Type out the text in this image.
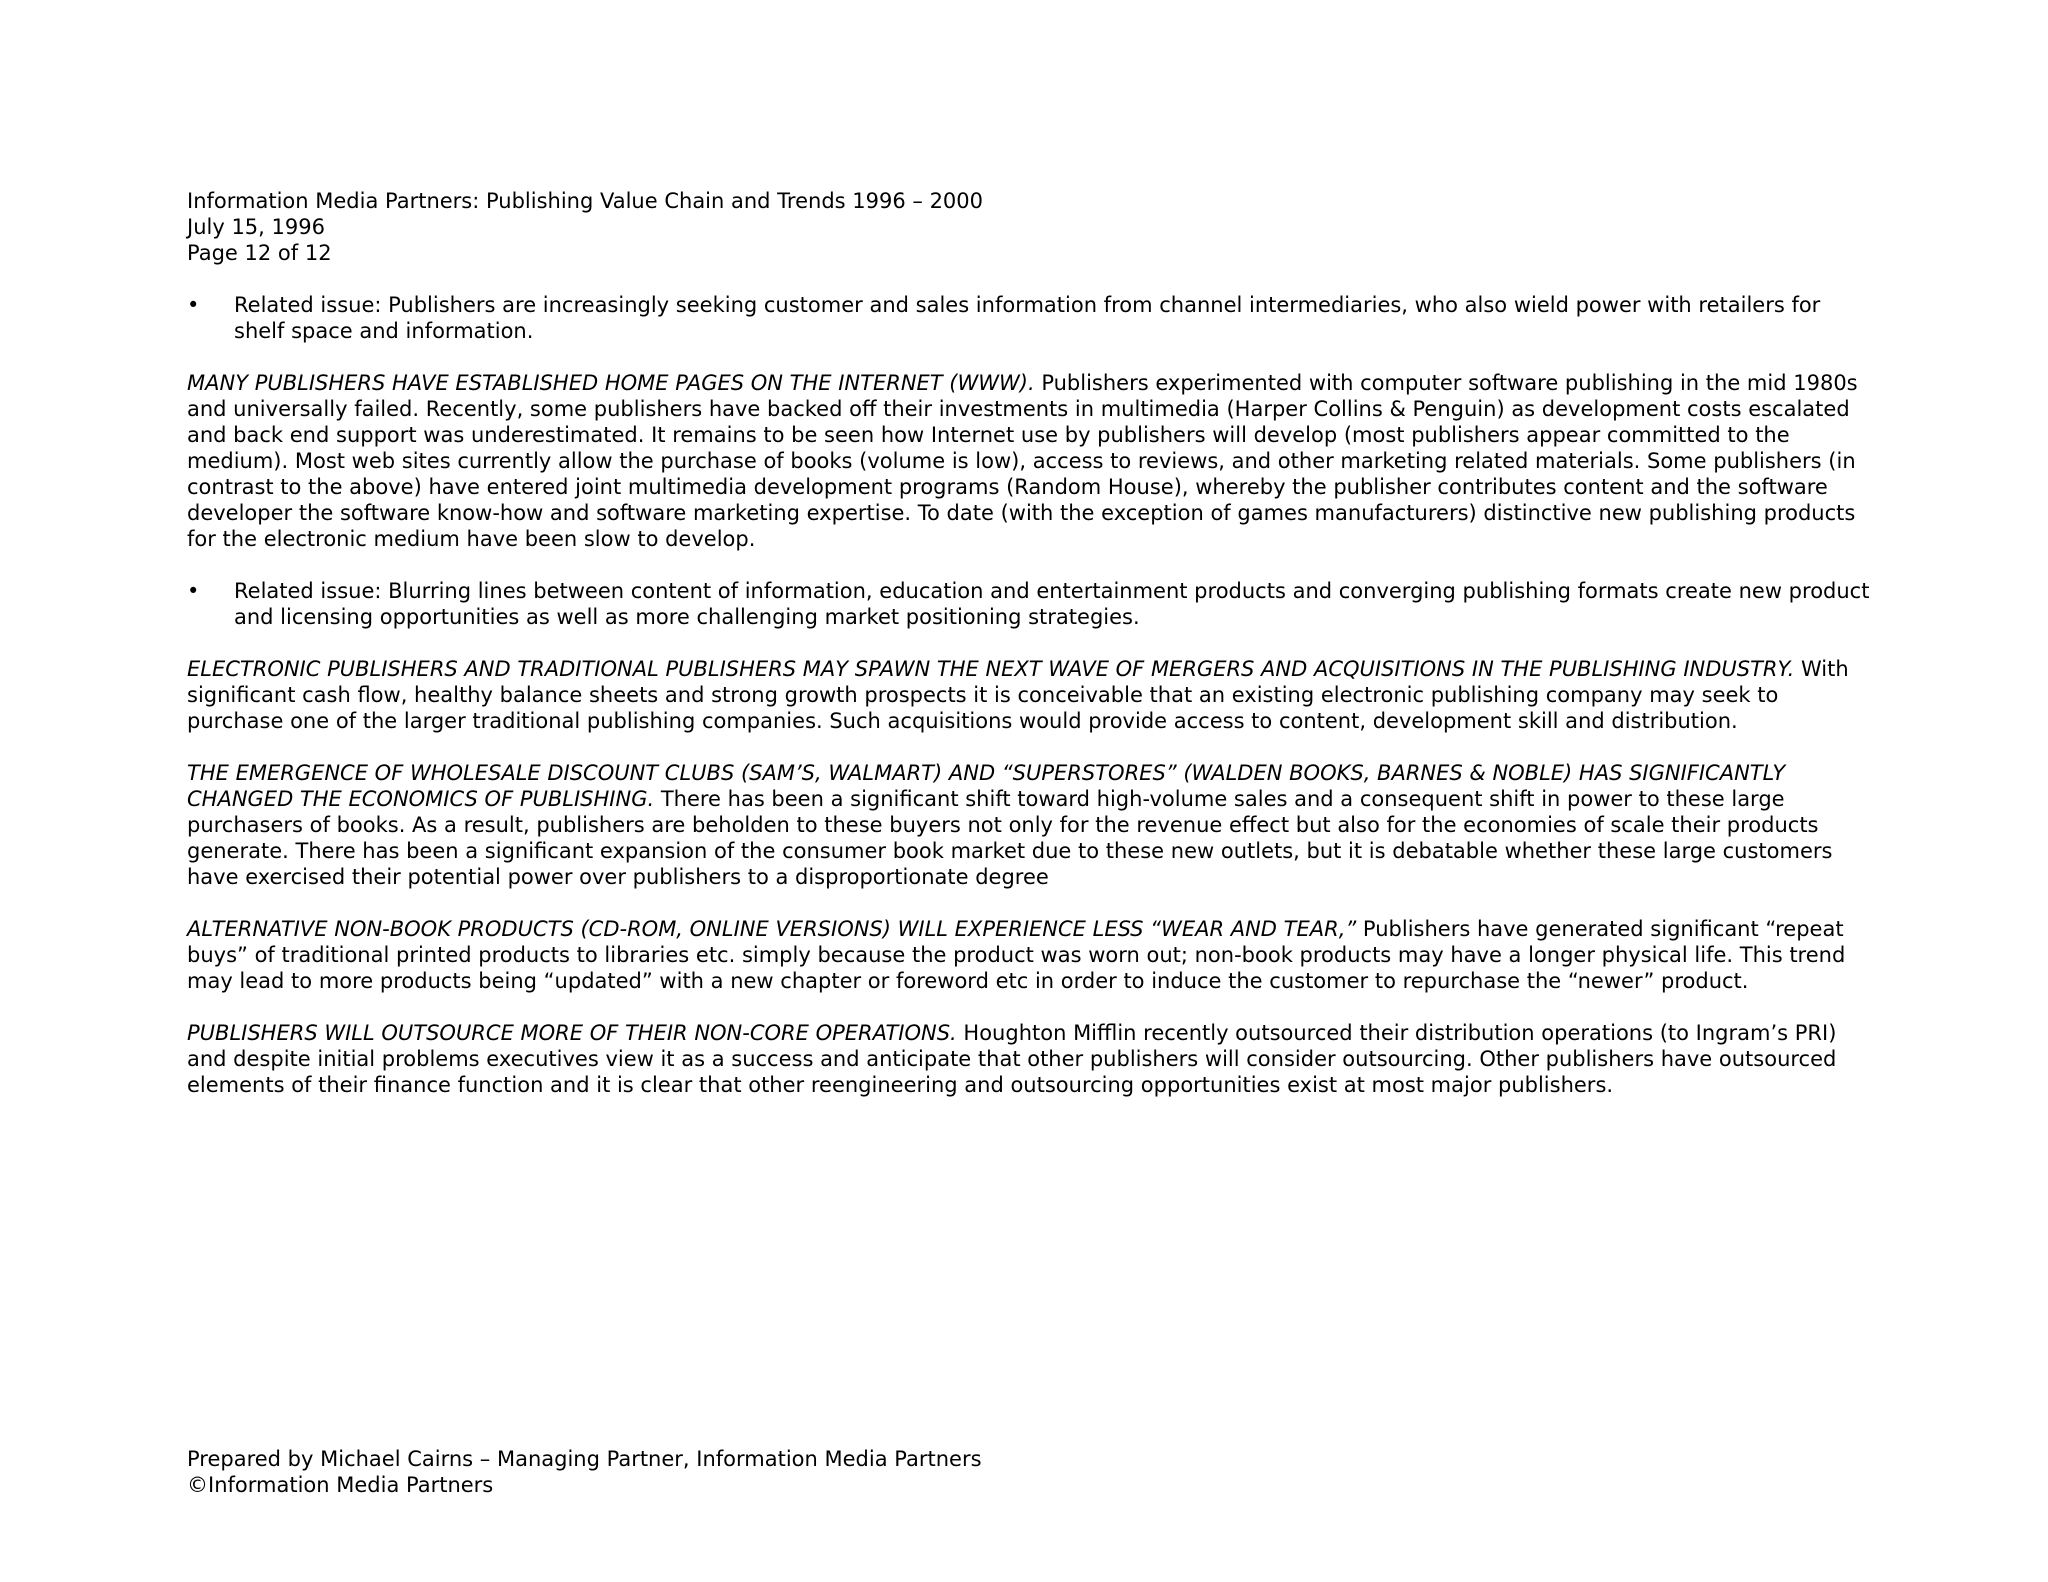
Information Media Partners: Publishing Value Chain and Trends 1996 – 2000

July 15, 1996

Page 12 of 12

• Related issue: Publishers are increasingly seeking customer and sales information from channel intermediaries, who also wield power with retailers for shelf space and information.

MANY PUBLISHERS HAVE ESTABLISHED HOME PAGES ON THE INTERNET (WWW). Publishers experimented with computer software publishing in the mid 1980s and universally failed. Recently, some publishers have backed off their investments in multimedia (Harper Collins & Penguin) as development costs escalated and back end support was underestimated. It remains to be seen how Internet use by publishers will develop (most publishers appear committed to the medium). Most web sites currently allow the purchase of books (volume is low), access to reviews, and other marketing related materials. Some publishers (in contrast to the above) have entered joint multimedia development programs (Random House), whereby the publisher contributes content and the software developer the software know-how and software marketing expertise. To date (with the exception of games manufacturers) distinctive new publishing products for the electronic medium have been slow to develop.

• Related issue: Blurring lines between content of information, education and entertainment products and converging publishing formats create new product and licensing opportunities as well as more challenging market positioning strategies.

ELECTRONIC PUBLISHERS AND TRADITIONAL PUBLISHERS MAY SPAWN THE NEXT WAVE OF MERGERS AND ACQUISITIONS IN THE PUBLISHING INDUSTRY. With significant cash flow, healthy balance sheets and strong growth prospects it is conceivable that an existing electronic publishing company may seek to purchase one of the larger traditional publishing companies. Such acquisitions would provide access to content, development skill and distribution.

THE EMERGENCE OF WHOLESALE DISCOUNT CLUBS (SAM’S, WALMART) AND “SUPERSTORES” (WALDEN BOOKS, BARNES & NOBLE) HAS SIGNIFICANTLY CHANGED THE ECONOMICS OF PUBLISHING. There has been a significant shift toward high-volume sales and a consequent shift in power to these large purchasers of books. As a result, publishers are beholden to these buyers not only for the revenue effect but also for the economies of scale their products generate. There has been a significant expansion of the consumer book market due to these new outlets, but it is debatable whether these large customers have exercised their potential power over publishers to a disproportionate degree

ALTERNATIVE NON-BOOK PRODUCTS (CD-ROM, ONLINE VERSIONS) WILL EXPERIENCE LESS “WEAR AND TEAR,” Publishers have generated significant “repeat buys” of traditional printed products to libraries etc. simply because the product was worn out; non-book products may have a longer physical life. This trend may lead to more products being “updated” with a new chapter or foreword etc in order to induce the customer to repurchase the “newer” product.

PUBLISHERS WILL OUTSOURCE MORE OF THEIR NON-CORE OPERATIONS. Houghton Mifflin recently outsourced their distribution operations (to Ingram’s PRI) and despite initial problems executives view it as a success and anticipate that other publishers will consider outsourcing. Other publishers have outsourced elements of their finance function and it is clear that other reengineering and outsourcing opportunities exist at most major publishers.

Prepared by Michael Cairns – Managing Partner, Information Media Partners

©Information Media Partners
